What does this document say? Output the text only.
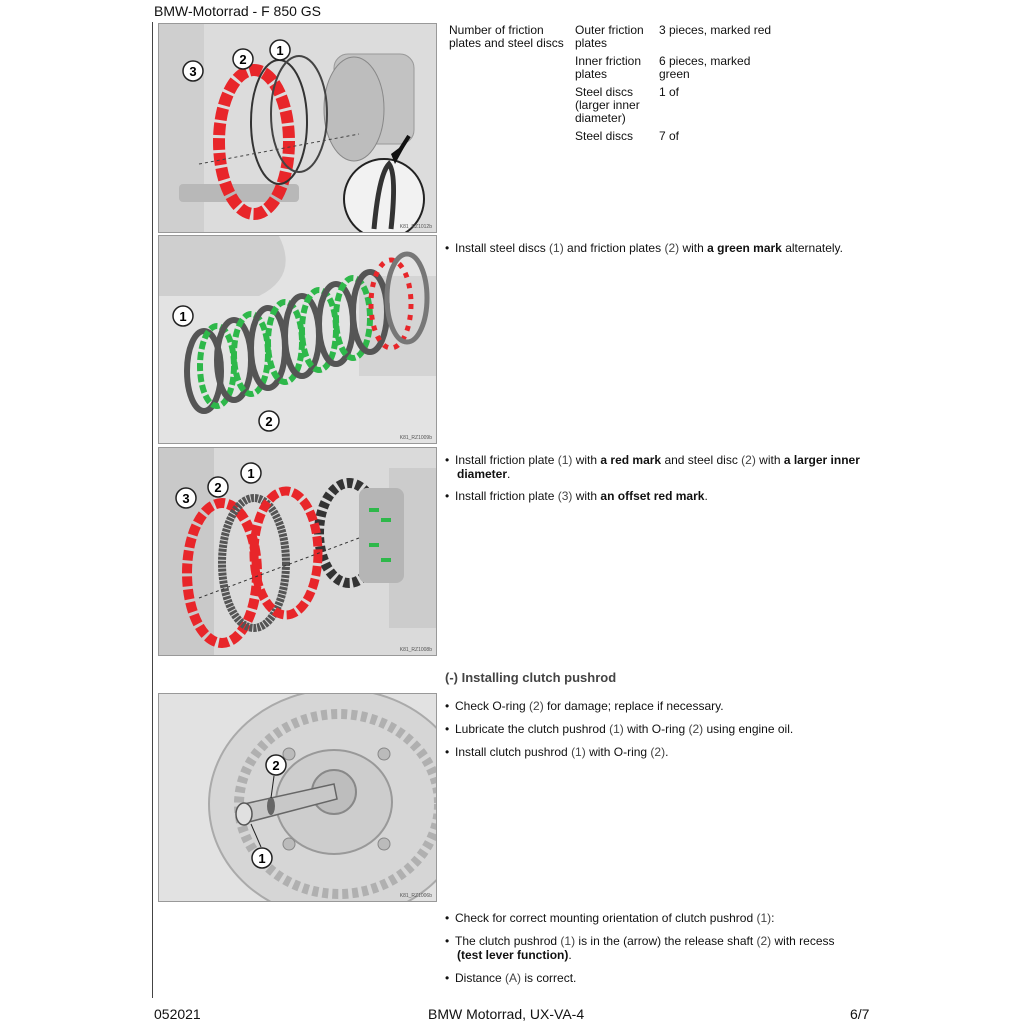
BMW-Motorrad - F 850 GS
3
2
1
K81_RZ1012b
Number of friction plates and steel discs	Outer friction plates	3 pieces, marked red
	Inner friction plates	6 pieces, marked green
	Steel discs (larger inner diameter)	1 of
	Steel discs	7 of
1
2
K81_RZ1009b
• Install steel discs (1) and friction plates (2) with a green mark alternately.
3
2
1
K81_RZ1008b
• Install friction plate (1) with a red mark and steel disc (2) with a larger inner
diameter.
• Install friction plate (3) with an offset red mark.
(-) Installing clutch pushrod
2
1
K81_RZ1006b
• Check O-ring (2) for damage; replace if necessary.
• Lubricate the clutch pushrod (1) with O-ring (2) using engine oil.
• Install clutch pushrod (1) with O-ring (2).
• Check for correct mounting orientation of clutch pushrod (1):
• The clutch pushrod (1) is in the (arrow) the release shaft (2) with recess
(test lever function).
• Distance (A) is correct.
052021	BMW Motorrad, UX-VA-4	6/7
